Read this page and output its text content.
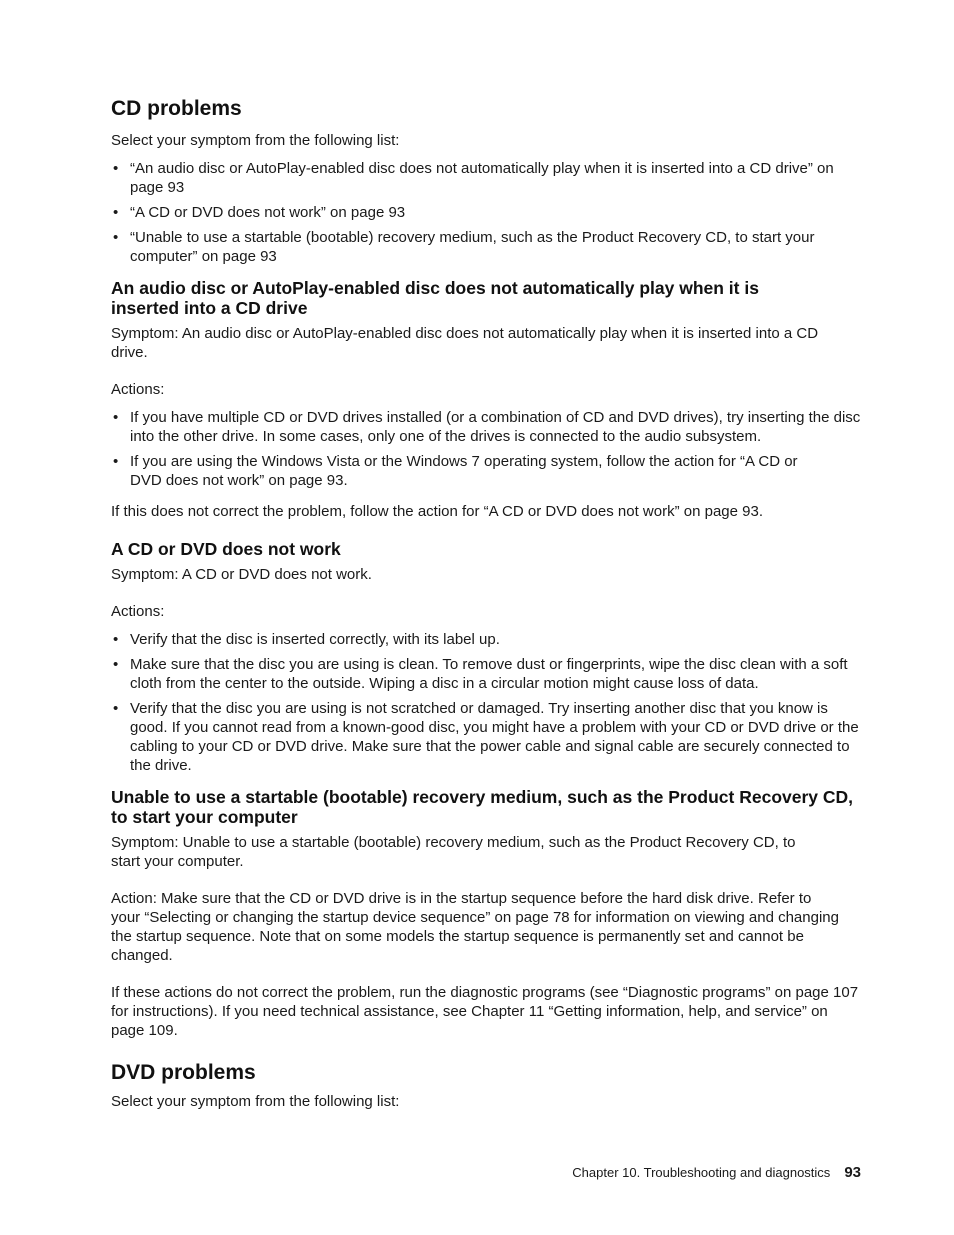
CD problems

Select your symptom from the following list:

• “An audio disc or AutoPlay-enabled disc does not automatically play when it is inserted into a CD drive” on page 93
• “A CD or DVD does not work” on page 93
• “Unable to use a startable (bootable) recovery medium, such as the Product Recovery CD, to start your computer” on page 93
An audio disc or AutoPlay-enabled disc does not automatically play when it is inserted into a CD drive

Symptom: An audio disc or AutoPlay-enabled disc does not automatically play when it is inserted into a CD drive.

Actions:

• If you have multiple CD or DVD drives installed (or a combination of CD and DVD drives), try inserting the disc into the other drive. In some cases, only one of the drives is connected to the audio subsystem.
• If you are using the Windows Vista or the Windows 7 operating system, follow the action for “A CD or DVD does not work” on page 93.

If this does not correct the problem, follow the action for “A CD or DVD does not work” on page 93.

A CD or DVD does not work

Symptom: A CD or DVD does not work.

Actions:

• Verify that the disc is inserted correctly, with its label up.
• Make sure that the disc you are using is clean. To remove dust or fingerprints, wipe the disc clean with a soft cloth from the center to the outside. Wiping a disc in a circular motion might cause loss of data.
• Verify that the disc you are using is not scratched or damaged. Try inserting another disc that you know is good. If you cannot read from a known-good disc, you might have a problem with your CD or DVD drive or the cabling to your CD or DVD drive. Make sure that the power cable and signal cable are securely connected to the drive.
Unable to use a startable (bootable) recovery medium, such as the Product Recovery CD, to start your computer

Symptom: Unable to use a startable (bootable) recovery medium, such as the Product Recovery CD, to start your computer.

Action: Make sure that the CD or DVD drive is in the startup sequence before the hard disk drive. Refer to your “Selecting or changing the startup device sequence” on page 78 for information on viewing and changing the startup sequence. Note that on some models the startup sequence is permanently set and cannot be changed.

If these actions do not correct the problem, run the diagnostic programs (see “Diagnostic programs” on page 107 for instructions). If you need technical assistance, see Chapter 11 “Getting information, help, and service” on page 109.

DVD problems

Select your symptom from the following list:

Chapter 10. Troubleshooting and diagnostics 93
